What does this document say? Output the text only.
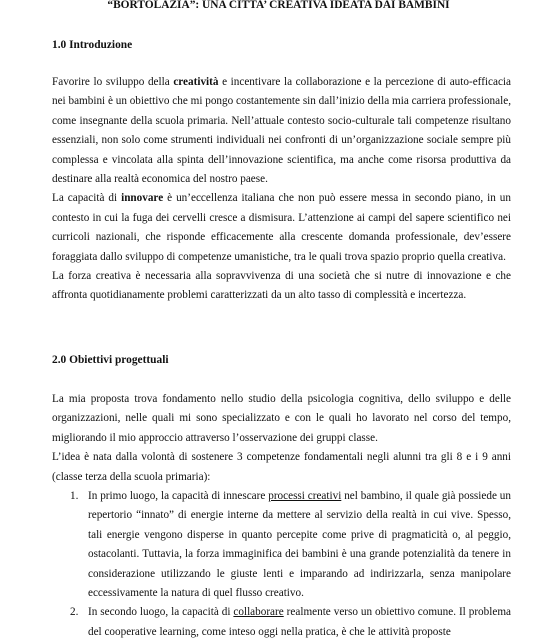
“BORTOLAZIA”: UNA CITTA’ CREATIVA IDEATA DAI BAMBINI
1.0 Introduzione

Favorire lo sviluppo della creatività e incentivare la collaborazione e la percezione di auto-efficacia nei bambini è un obiettivo che mi pongo costantemente sin dall’inizio della mia carriera professionale, come insegnante della scuola primaria. Nell’attuale contesto socio-culturale tali competenze risultano essenziali, non solo come strumenti individuali nei confronti di un’organizzazione sociale sempre più complessa e vincolata alla spinta dell’innovazione scientifica, ma anche come risorsa produttiva da destinare alla realtà economica del nostro paese.

La capacità di innovare è un’eccellenza italiana che non può essere messa in secondo piano, in un contesto in cui la fuga dei cervelli cresce a dismisura. L’attenzione ai campi del sapere scientifico nei curricoli nazionali, che risponde efficacemente alla crescente domanda professionale, dev’essere foraggiata dallo sviluppo di competenze umanistiche, tra le quali trova spazio proprio quella creativa.

La forza creativa è necessaria alla sopravvivenza di una società che si nutre di innovazione e che affronta quotidianamente problemi caratterizzati da un alto tasso di complessità e incertezza.

2.0 Obiettivi progettuali

La mia proposta trova fondamento nello studio della psicologia cognitiva, dello sviluppo e delle organizzazioni, nelle quali mi sono specializzato e con le quali ho lavorato nel corso del tempo, migliorando il mio approccio attraverso l’osservazione dei gruppi classe.

L’idea è nata dalla volontà di sostenere 3 competenze fondamentali negli alunni tra gli 8 e i 9 anni (classe terza della scuola primaria):

1. In primo luogo, la capacità di innescare processi creativi nel bambino, il quale già possiede un repertorio “innato” di energie interne da mettere al servizio della realtà in cui vive. Spesso, tali energie vengono disperse in quanto percepite come prive di pragmaticità o, al peggio, ostacolanti. Tuttavia, la forza immaginifica dei bambini è una grande potenzialità da tenere in considerazione utilizzando le giuste lenti e imparando ad indirizzarla, senza manipolare eccessivamente la natura di quel flusso creativo.
2. In secondo luogo, la capacità di collaborare realmente verso un obiettivo comune. Il problema del cooperative learning, come inteso oggi nella pratica, è che le attività proposte
